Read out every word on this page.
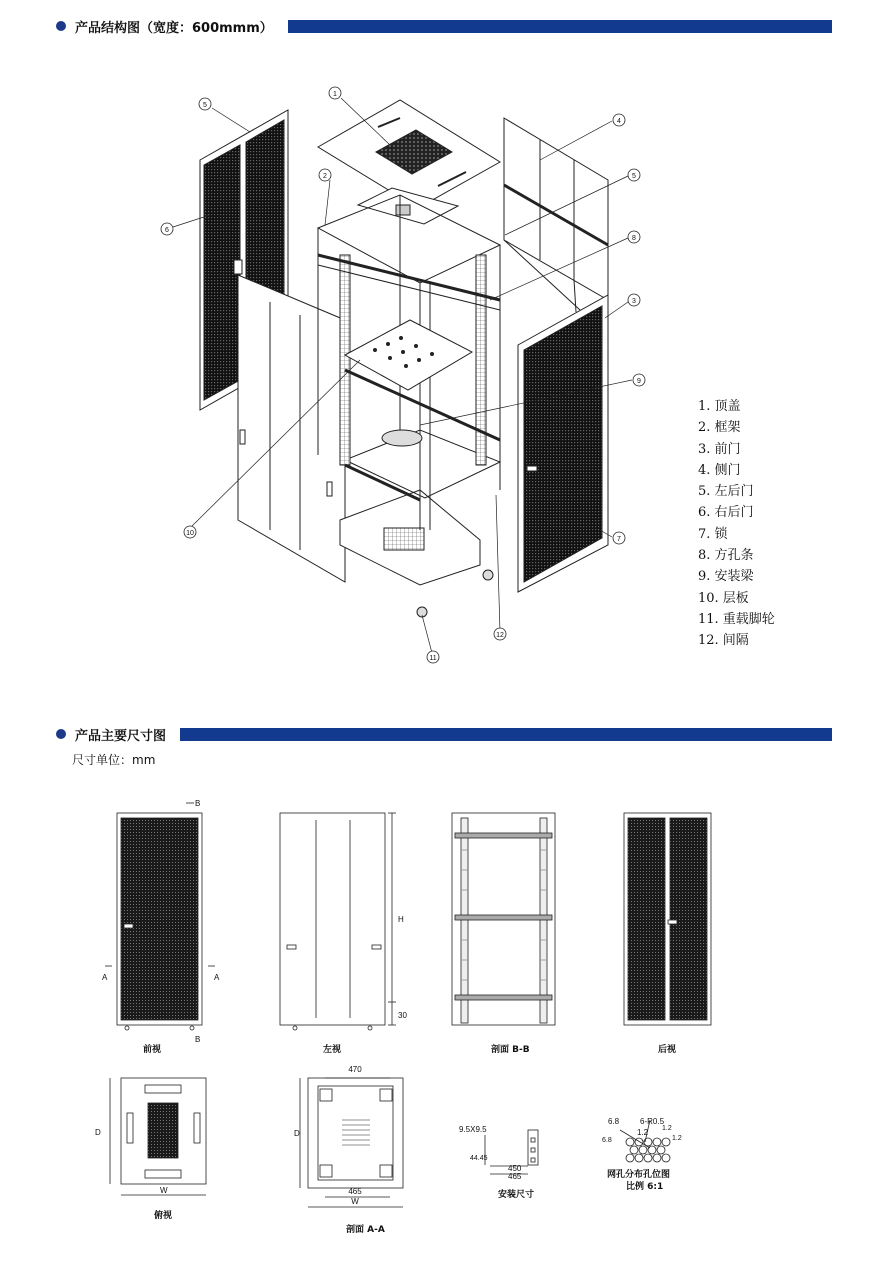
产品结构图（宽度：600mmm）
1
2
3
4
5
5
6
7
8
9
10
11
12
1. 顶盖
2. 框架
3. 前门
4. 侧门
5. 左后门
6. 右后门
7. 锁
8. 方孔条
9. 安装梁
10. 层板
11. 重载脚轮
12. 间隔
产品主要尺寸图
尺寸单位：mm
B
B
A	A
H
30
D
W
470
D
465
W
9.5X9.5
44.45
450
465
6.8	6-R0.5
1.2 1.2
1.2
6.8
前视	左视	剖面 B-B	后视
俯视
剖面 A-A
安装尺寸
网孔分布孔位图
比例 6:1
